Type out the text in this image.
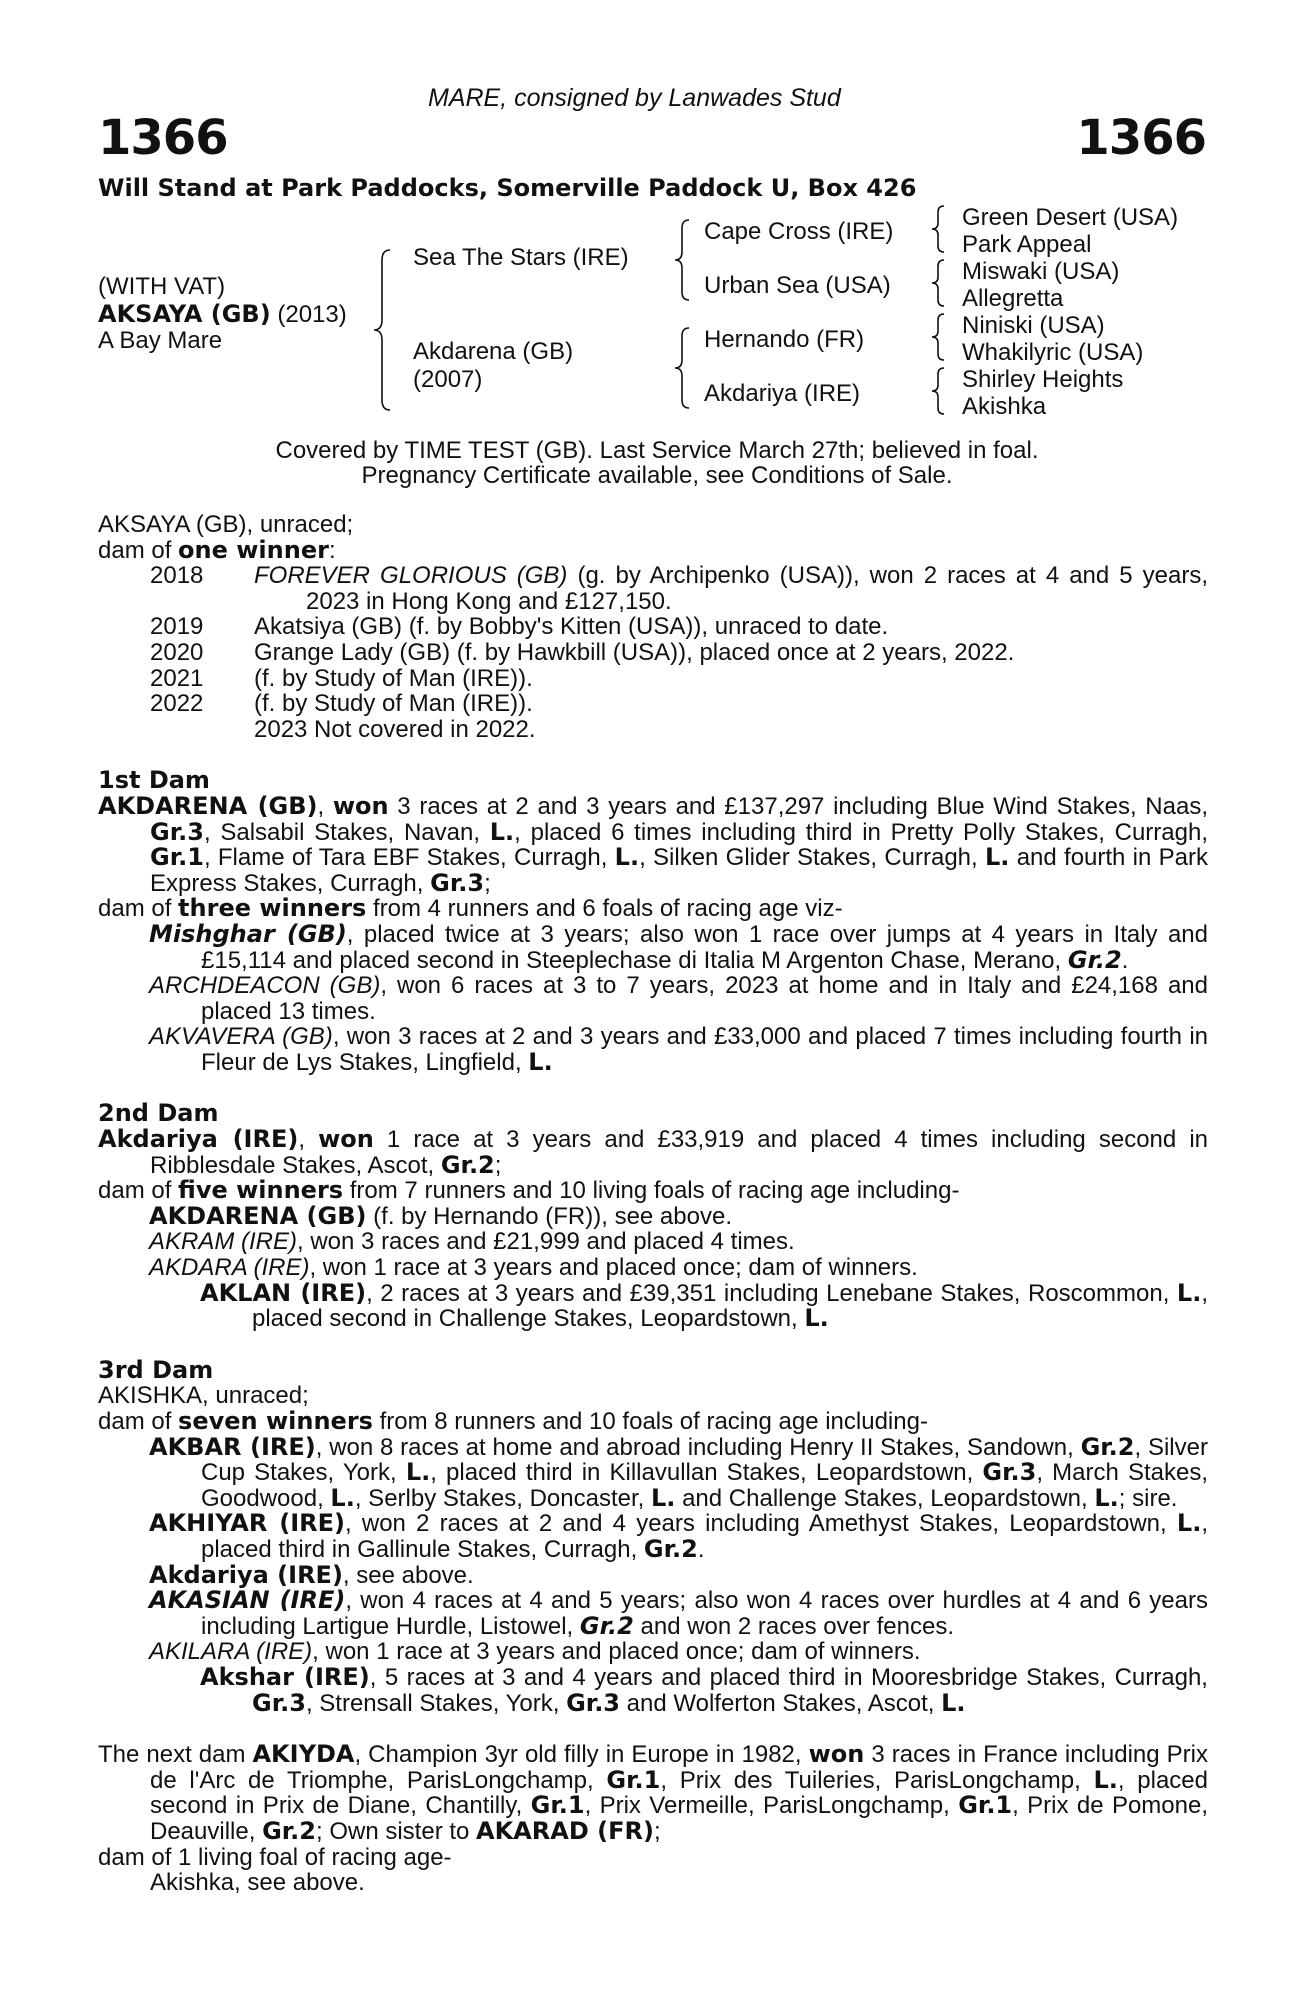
MARE, consigned by Lanwades Stud
1366	1366
Will Stand at Park Paddocks, Somerville Paddock U, Box 426
(WITH VAT)
AKSAYA (GB) (2013)
A Bay Mare
Sea The Stars (IRE)
Akdarena (GB)
(2007)
Cape Cross (IRE)
Urban Sea (USA)
Hernando (FR)
Akdariya (IRE)
Green Desert (USA)
Park Appeal
Miswaki (USA)
Allegretta
Niniski (USA)
Whakilyric (USA)
Shirley Heights
Akishka
Covered by TIME TEST (GB). Last Service March 27th; believed in foal.
Pregnancy Certificate available, see Conditions of Sale.

AKSAYA (GB), unraced;

dam of one winner:

2018	FOREVER GLORIOUS (GB) (g. by Archipenko (USA)), won 2 races at 4 and 5 years, 2023 in Hong Kong and £127,150.
2019	Akatsiya (GB) (f. by Bobby's Kitten (USA)), unraced to date.
2020	Grange Lady (GB) (f. by Hawkbill (USA)), placed once at 2 years, 2022.
2021	(f. by Study of Man (IRE)).
2022	(f. by Study of Man (IRE)).
2023 Not covered in 2022.

1st Dam

AKDARENA (GB), won 3 races at 2 and 3 years and £137,297 including Blue Wind Stakes, Naas, Gr.3, Salsabil Stakes, Navan, L., placed 6 times including third in Pretty Polly Stakes, Curragh, Gr.1, Flame of Tara EBF Stakes, Curragh, L., Silken Glider Stakes, Curragh, L. and fourth in Park Express Stakes, Curragh, Gr.3;

dam of three winners from 4 runners and 6 foals of racing age viz-

Mishghar (GB), placed twice at 3 years; also won 1 race over jumps at 4 years in Italy and £15,114 and placed second in Steeplechase di Italia M Argenton Chase, Merano, Gr.2.

ARCHDEACON (GB), won 6 races at 3 to 7 years, 2023 at home and in Italy and £24,168 and placed 13 times.

AKVAVERA (GB), won 3 races at 2 and 3 years and £33,000 and placed 7 times including fourth in Fleur de Lys Stakes, Lingfield, L.

2nd Dam

Akdariya (IRE), won 1 race at 3 years and £33,919 and placed 4 times including second in Ribblesdale Stakes, Ascot, Gr.2;

dam of five winners from 7 runners and 10 living foals of racing age including-

AKDARENA (GB) (f. by Hernando (FR)), see above.

AKRAM (IRE), won 3 races and £21,999 and placed 4 times.

AKDARA (IRE), won 1 race at 3 years and placed once; dam of winners.

AKLAN (IRE), 2 races at 3 years and £39,351 including Lenebane Stakes, Roscommon, L., placed second in Challenge Stakes, Leopardstown, L.

3rd Dam

AKISHKA, unraced;

dam of seven winners from 8 runners and 10 foals of racing age including-

AKBAR (IRE), won 8 races at home and abroad including Henry II Stakes, Sandown, Gr.2, Silver Cup Stakes, York, L., placed third in Killavullan Stakes, Leopardstown, Gr.3, March Stakes, Goodwood, L., Serlby Stakes, Doncaster, L. and Challenge Stakes, Leopardstown, L.; sire.

AKHIYAR (IRE), won 2 races at 2 and 4 years including Amethyst Stakes, Leopardstown, L., placed third in Gallinule Stakes, Curragh, Gr.2.

Akdariya (IRE), see above.

AKASIAN (IRE), won 4 races at 4 and 5 years; also won 4 races over hurdles at 4 and 6 years including Lartigue Hurdle, Listowel, Gr.2 and won 2 races over fences.

AKILARA (IRE), won 1 race at 3 years and placed once; dam of winners.

Akshar (IRE), 5 races at 3 and 4 years and placed third in Mooresbridge Stakes, Curragh, Gr.3, Strensall Stakes, York, Gr.3 and Wolferton Stakes, Ascot, L.

The next dam AKIYDA, Champion 3yr old filly in Europe in 1982, won 3 races in France including Prix de l'Arc de Triomphe, ParisLongchamp, Gr.1, Prix des Tuileries, ParisLongchamp, L., placed second in Prix de Diane, Chantilly, Gr.1, Prix Vermeille, ParisLongchamp, Gr.1, Prix de Pomone, Deauville, Gr.2; Own sister to AKARAD (FR);

dam of 1 living foal of racing age-

Akishka, see above.
